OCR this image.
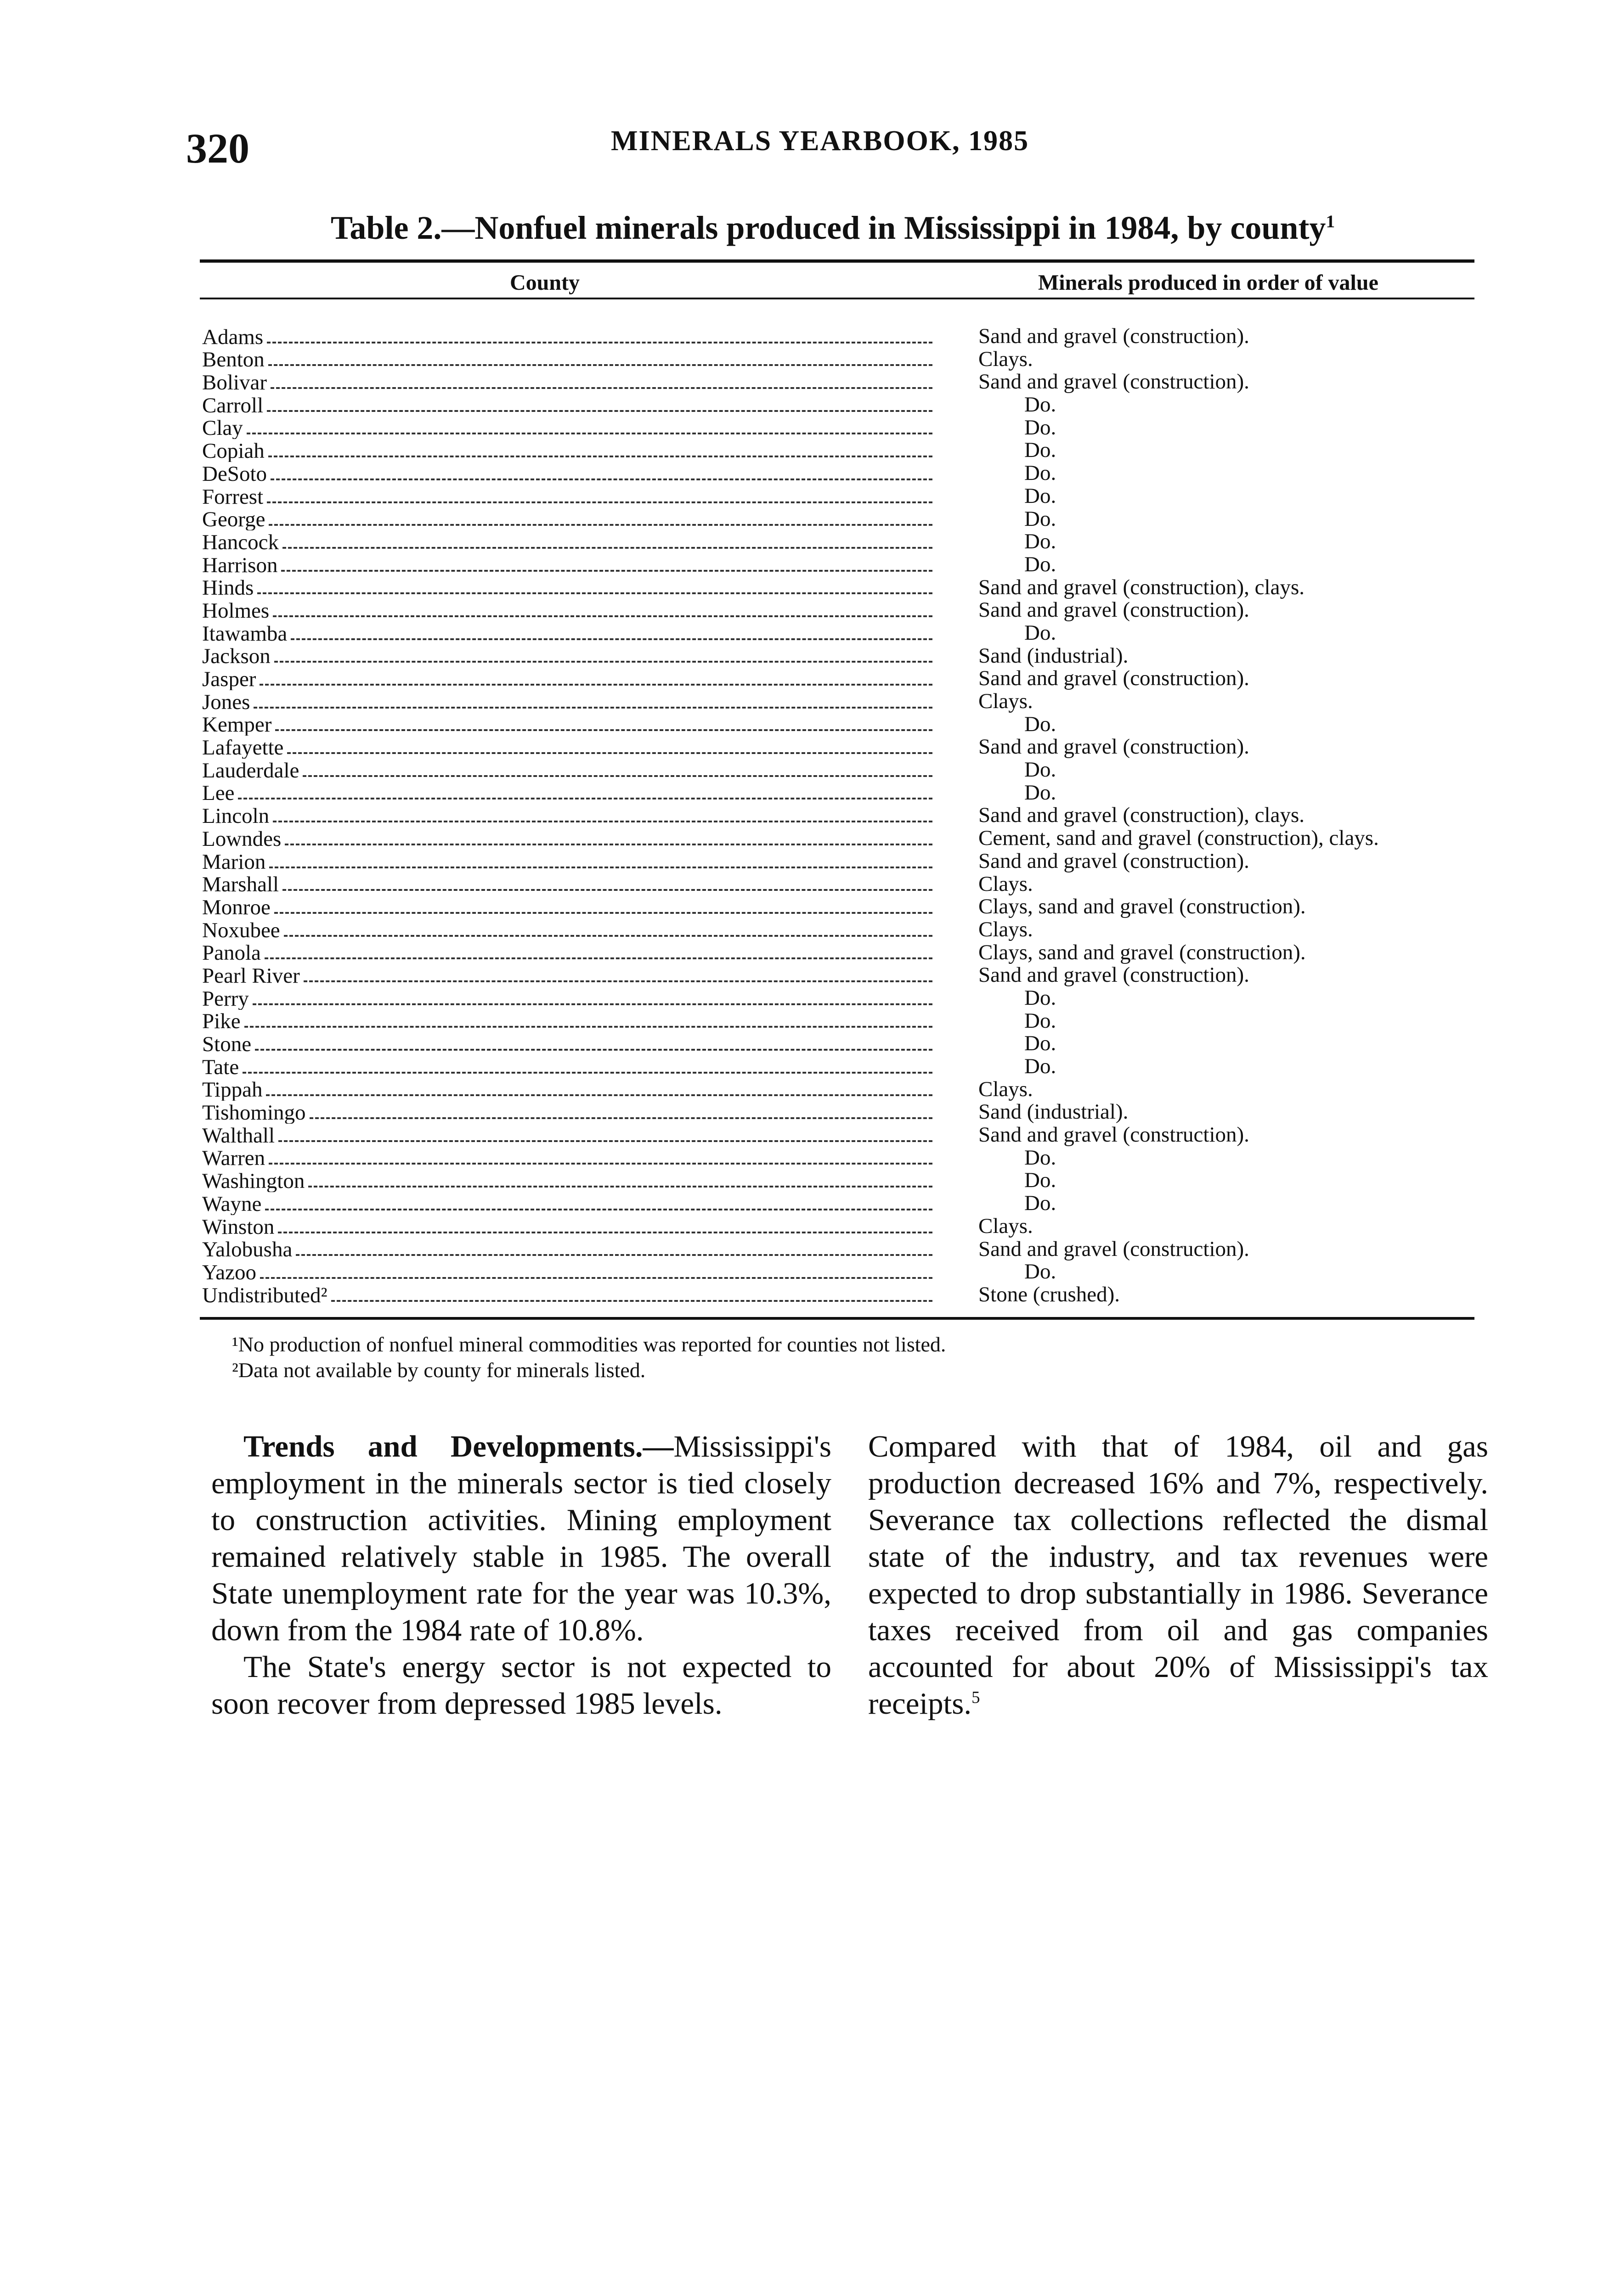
320	MINERALS YEARBOOK, 1985
Table 2.—Nonfuel minerals produced in Mississippi in 1984, by county$^1$
County	Minerals produced in order of value
Adams	Sand and gravel (construction).
Benton	Clays.
Bolivar	Sand and gravel (construction).
Carroll	Do.
Clay	Do.
Copiah	Do.
DeSoto	Do.
Forrest	Do.
George	Do.
Hancock	Do.
Harrison	Do.
Hinds	Sand and gravel (construction), clays.
Holmes	Sand and gravel (construction).
Itawamba	Do.
Jackson	Sand (industrial).
Jasper	Sand and gravel (construction).
Jones	Clays.
Kemper	Do.
Lafayette	Sand and gravel (construction).
Lauderdale	Do.
Lee	Do.
Lincoln	Sand and gravel (construction), clays.
Lowndes	Cement, sand and gravel (construction), clays.
Marion	Sand and gravel (construction).
Marshall	Clays.
Monroe	Clays, sand and gravel (construction).
Noxubee	Clays.
Panola	Clays, sand and gravel (construction).
Pearl River	Sand and gravel (construction).
Perry	Do.
Pike	Do.
Stone	Do.
Tate	Do.
Tippah	Clays.
Tishomingo	Sand (industrial).
Walthall	Sand and gravel (construction).
Warren	Do.
Washington	Do.
Wayne	Do.
Winston	Clays.
Yalobusha	Sand and gravel (construction).
Yazoo	Do.
Undistributed²	Stone (crushed).
¹No production of nonfuel mineral commodities was reported for counties not listed.
²Data not available by county for minerals listed.

Trends and Developments.—Mississippi's employment in the minerals sector is tied closely to construction activities. Mining employment remained relatively stable in 1985. The overall State unemployment rate for the year was 10.3%, down from the 1984 rate of 10.8%.

The State's energy sector is not expected to soon recover from depressed 1985 levels.

Compared with that of 1984, oil and gas production decreased 16% and 7%, respectively. Severance tax collections reflected the dismal state of the industry, and tax revenues were expected to drop substantially in 1986. Severance taxes received from oil and gas companies accounted for about 20% of Mississippi's tax receipts.$^5$
